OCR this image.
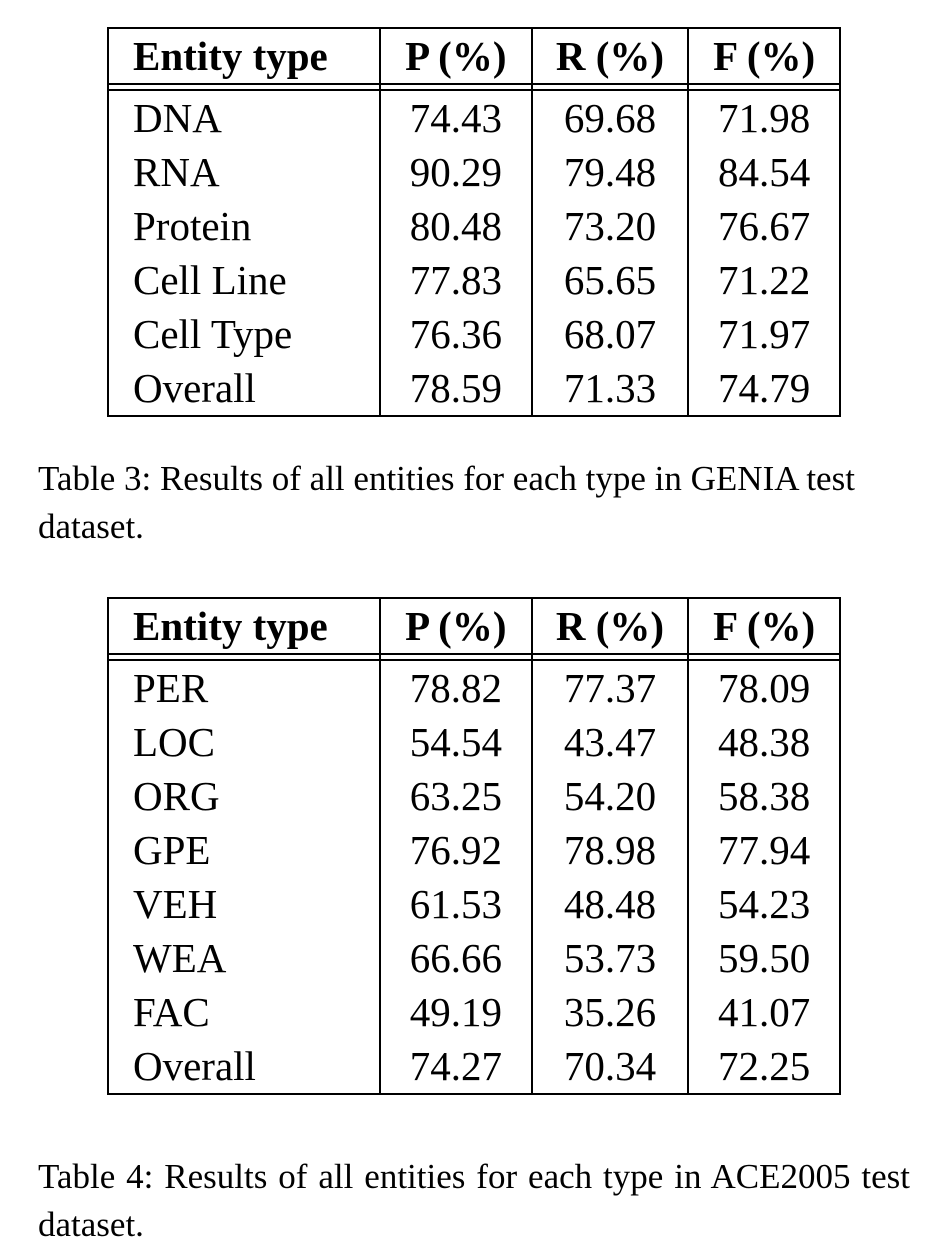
Entity type	P (%)	R (%)	F (%)

DNA	74.43	69.68	71.98
RNA	90.29	79.48	84.54
Protein	80.48	73.20	76.67
Cell Line	77.83	65.65	71.22
Cell Type	76.36	68.07	71.97
Overall	78.59	71.33	74.79

Table 3: Results of all entities for each type in GENIA test dataset.

Entity type	P (%)	R (%)	F (%)

PER	78.82	77.37	78.09
LOC	54.54	43.47	48.38
ORG	63.25	54.20	58.38
GPE	76.92	78.98	77.94
VEH	61.53	48.48	54.23
WEA	66.66	53.73	59.50
FAC	49.19	35.26	41.07
Overall	74.27	70.34	72.25

Table 4: Results of all entities for each type in ACE2005 test dataset.
